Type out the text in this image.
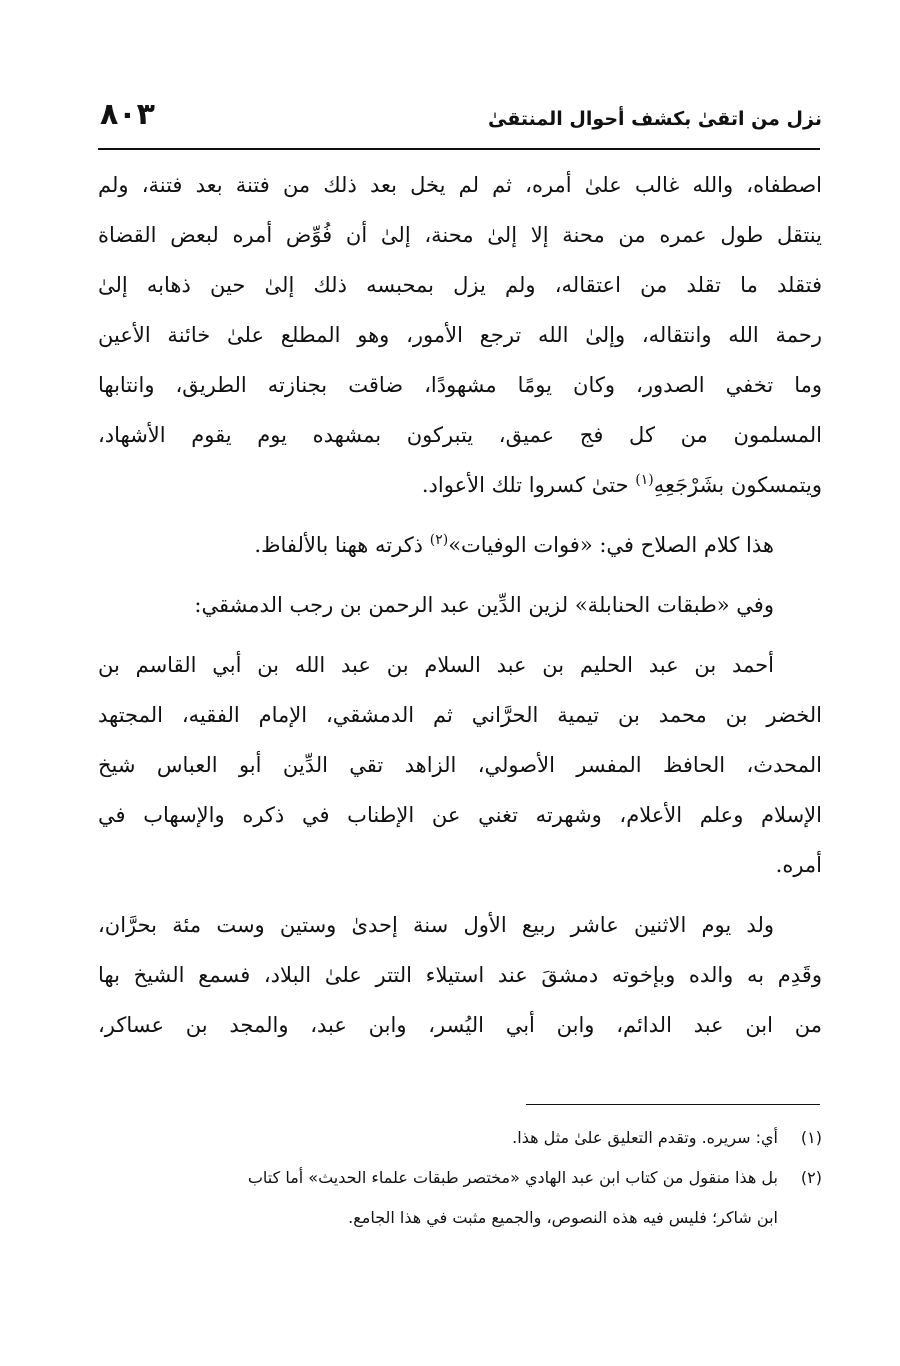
نزل من اتقىٰ بكشف أحوال المنتقىٰ
٨٠٣
اصطفاه، والله غالب علىٰ أمره، ثم لم يخل بعد ذلك من فتنة بعد فتنة، ولم
ينتقل طول عمره من محنة إلا إلىٰ محنة، إلىٰ أن فُوِّض أمره لبعض القضاة
فتقلد ما تقلد من اعتقاله، ولم يزل بمحبسه ذلك إلىٰ حين ذهابه إلىٰ
رحمة الله وانتقاله، وإلىٰ الله ترجع الأمور، وهو المطلع علىٰ خائنة الأعين
وما تخفي الصدور، وكان يومًا مشهودًا، ضاقت بجنازته الطريق، وانتابها
المسلمون من كل فج عميق، يتبركون بمشهده يوم يقوم الأشهاد،
ويتمسكون بشَرْجَعِهِ$^{(١)}$ حتىٰ كسروا تلك الأعواد.
هذا كلام الصلاح في: «فوات الوفيات»$^{(٢)}$ ذكرته ههنا بالألفاظ.
وفي «طبقات الحنابلة» لزين الدِّين عبد الرحمن بن رجب الدمشقي:
أحمد بن عبد الحليم بن عبد السلام بن عبد الله بن أبي القاسم بن
الخضر بن محمد بن تيمية الحرَّاني ثم الدمشقي، الإمام الفقيه، المجتهد
المحدث، الحافظ المفسر الأصولي، الزاهد تقي الدِّين أبو العباس شيخ
الإسلام وعلم الأعلام، وشهرته تغني عن الإطناب في ذكره والإسهاب في
أمره.
ولد يوم الاثنين عاشر ربيع الأول سنة إحدىٰ وستين وست مئة بحرَّان،
وقَدِم به والده وبإخوته دمشقَ عند استيلاء التتر علىٰ البلاد، فسمع الشيخ بها
من ابن عبد الدائم، وابن أبي اليُسر، وابن عبد، والمجد بن عساكر،
(١)أي: سريره. وتقدم التعليق علىٰ مثل هذا.
(٢)بل هذا منقول من كتاب ابن عبد الهادي «مختصر طبقات علماء الحديث» أما كتاب
ابن شاكر؛ فليس فيه هذه النصوص، والجميع مثبت في هذا الجامع.
